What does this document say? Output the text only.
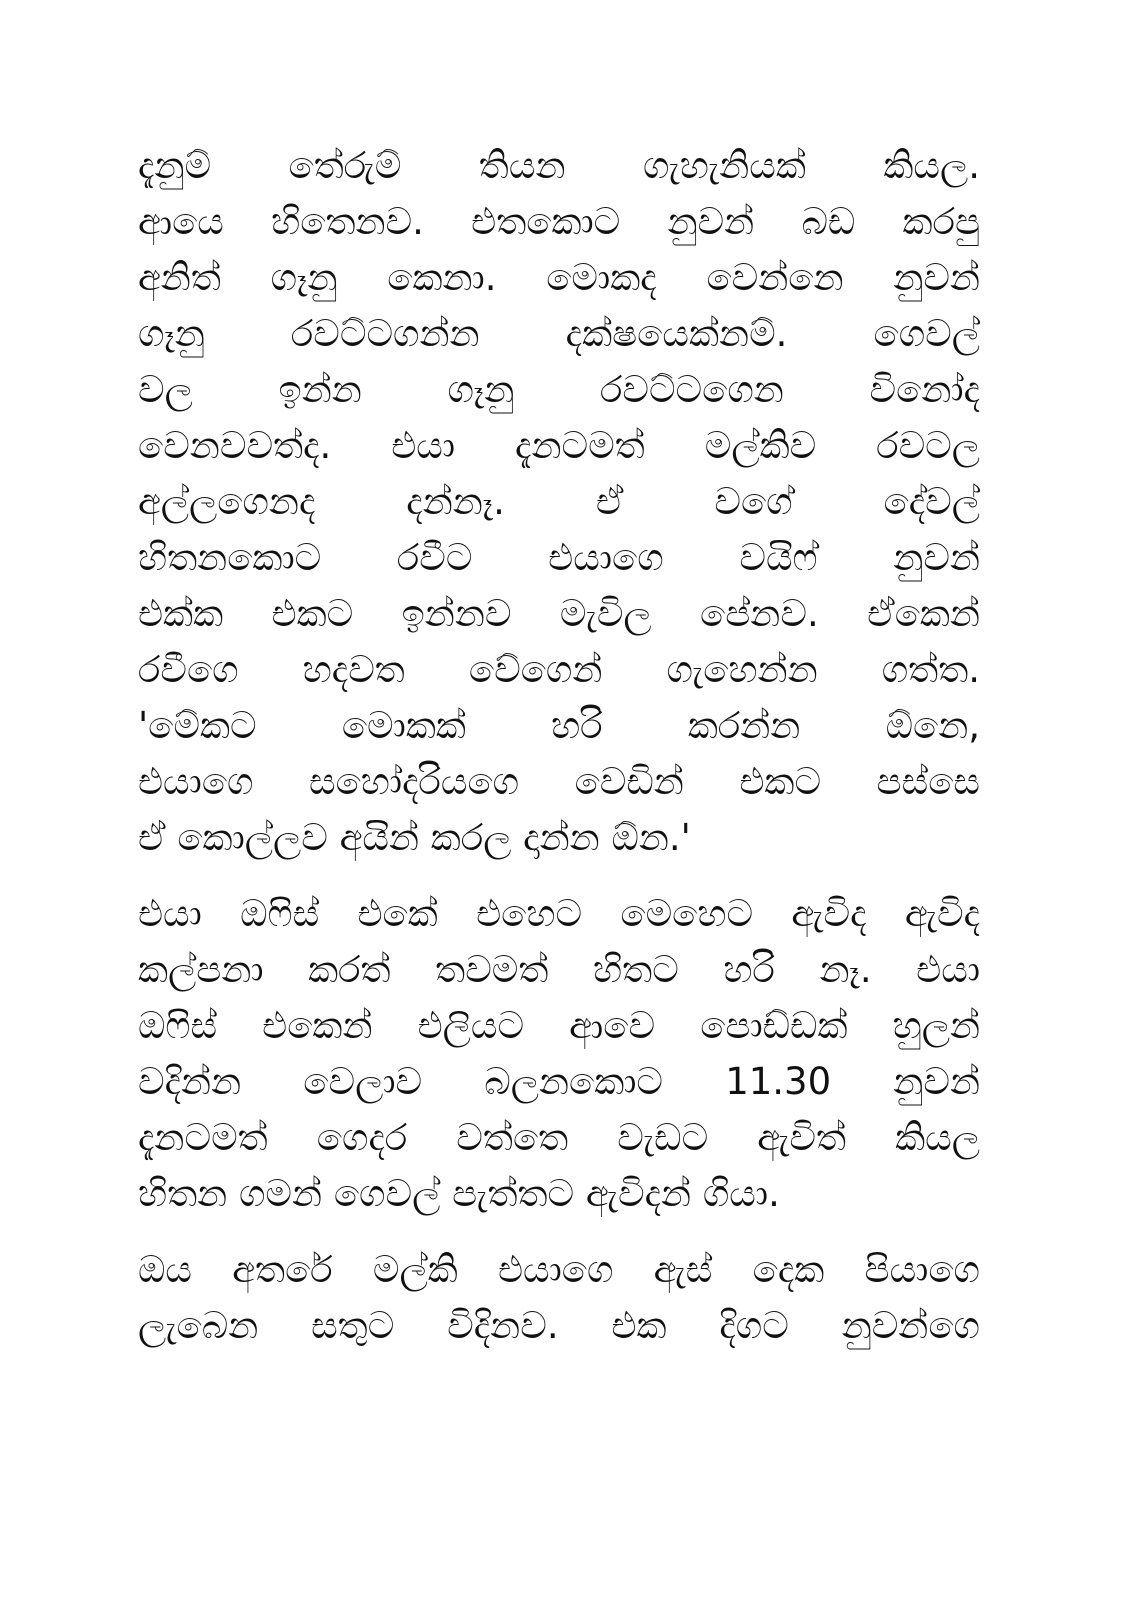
දැනුම් තේරුම් තියන ගැහැනියක් කියල.
ආයෙ හිතෙනව. එතකොට නුවන් බඩ කරපු
අනිත් ගෑනු කෙනා. මොකද වෙන්නෙ නුවන්
ගෑනු රවට්ටගන්න දක්ෂයෙක්නම්. ගෙවල්
වල ඉන්න ගෑනු රවට්ටගෙන විනෝද
වෙනවවත්ද. එයා දැනටමත් මල්කිව රවටල
අල්ලගෙනද දන්නෑ. ඒ වගේ දේවල්
හිතනකොට රවීට එයාගෙ වයිෆ් නුවන්
එක්ක එකට ඉන්නව මැවිල පේනව. ඒකෙන්
රවීගෙ හදවත වේගෙන් ගැහෙන්න ගත්ත.
'මේකට මොකක් හරි කරන්න ඕනෙ,
එයාගෙ සහෝදරියගෙ වෙඩින් එකට පස්සෙ
ඒ කොල්ලව අයින් කරල දාන්න ඕන.'
එයා ඔෆිස් එකේ එහෙට මෙහෙට ඇවිද ඇවිද
කල්පනා කරත් තවමත් හිතට හරි නෑ. එයා
ඔෆිස් එකෙන් එලියට ආවෙ පොඩ්ඩක් හුලන්
වදින්න වෙලාව බලනකොට 11.30 නුවන්
දැනටමත් ගෙදර වත්තෙ වැඩට ඇවිත් කියල
හිතන ගමන් ගෙවල් පැත්තට ඇවිදන් ගියා.
ඔය අතරේ මල්කි එයාගෙ ඇස් දෙක පියාගෙ
ලැබෙන සතුට විදිනව. එක දිගට නුවන්ගෙ
